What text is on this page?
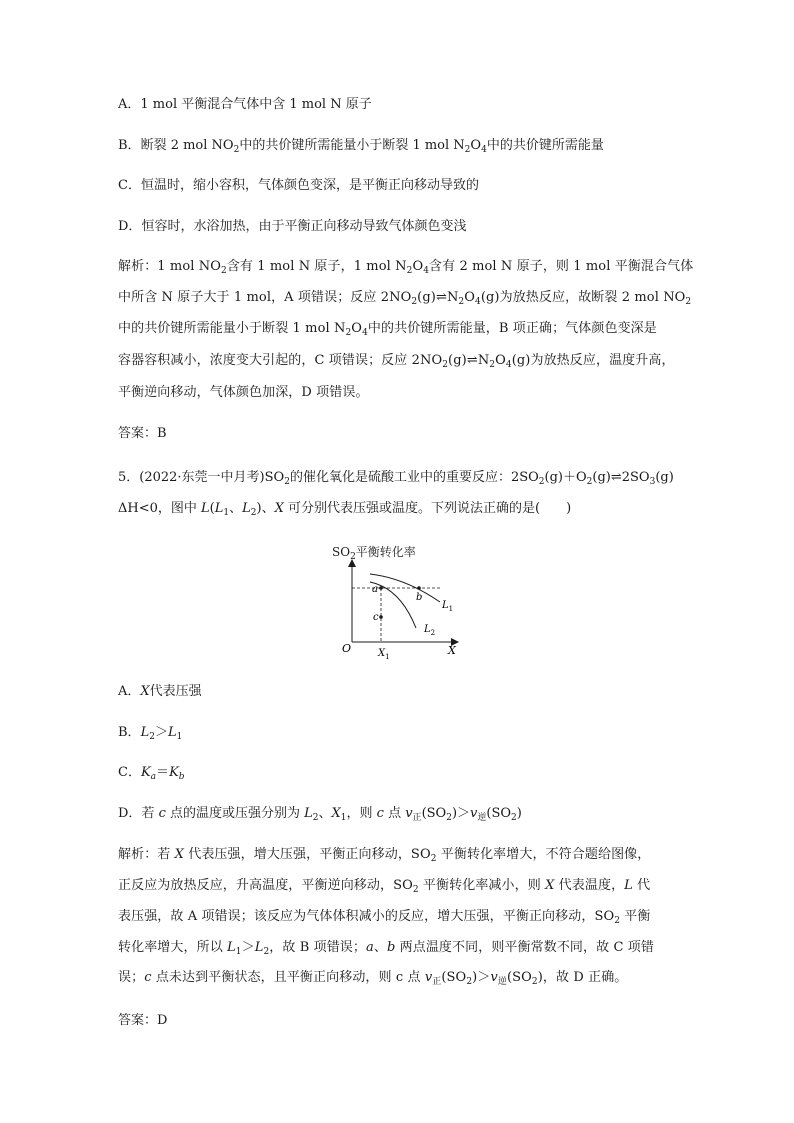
A．1 mol 平衡混合气体中含 1 mol N 原子
B．断裂 2 mol $NO_2$中的共价键所需能量小于断裂 1 mol $N_2O_4$中的共价键所需能量
C．恒温时，缩小容积，气体颜色变深，是平衡正向移动导致的
D．恒容时，水浴加热，由于平衡正向移动导致气体颜色变浅
解析：1 mol $NO_2$含有 1 mol N 原子，1 mol $N_2O_4$含有 2 mol N 原子，则 1 mol 平衡混合气体
中所含 N 原子大于 1 mol，A 项错误；反应 $2NO_2(g)\rightleftharpoons N_2O_4(g)$为放热反应，故断裂 2 mol $NO_2$
中的共价键所需能量小于断裂 1 mol $N_2O_4$中的共价键所需能量，B 项正确；气体颜色变深是
容器容积减小，浓度变大引起的，C 项错误；反应 $2NO_2(g)\rightleftharpoons N_2O_4(g)$为放热反应，温度升高，
平衡逆向移动，气体颜色加深，D 项错误。
答案：B
5．(2022·东莞一中月考)$SO_2$的催化氧化是硫酸工业中的重要反应：$2SO_2(g)+O_2(g)\rightleftharpoons 2SO_3(g)$
ΔH<0，图中 $L(L_1$、$L_2$)、X 可分别代表压强或温度。下列说法正确的是(　　)
$SO_2$平衡转化率
O	X
$X_1$
a
b
c
$L_1$
$L_2$
A．X代表压强
B．$L_2>L_1$
C．$K_a=K_b$
D．若 c 点的温度或压强分别为 $L_2$、$X_1$，则 c 点 $v_正(SO_2)>v_逆(SO_2)$
解析：若 X 代表压强，增大压强，平衡正向移动，$SO_2$ 平衡转化率增大，不符合题给图像，
正反应为放热反应，升高温度，平衡逆向移动，$SO_2$ 平衡转化率减小，则 X 代表温度，L 代
表压强，故 A 项错误；该反应为气体体积减小的反应，增大压强，平衡正向移动，$SO_2$ 平衡
转化率增大，所以 $L_1>L_2$，故 B 项错误；a、b 两点温度不同，则平衡常数不同，故 C 项错
误；c 点未达到平衡状态，且平衡正向移动，则 c 点 $v_正(SO_2)>v_逆(SO_2)$，故 D 正确。
答案：D
